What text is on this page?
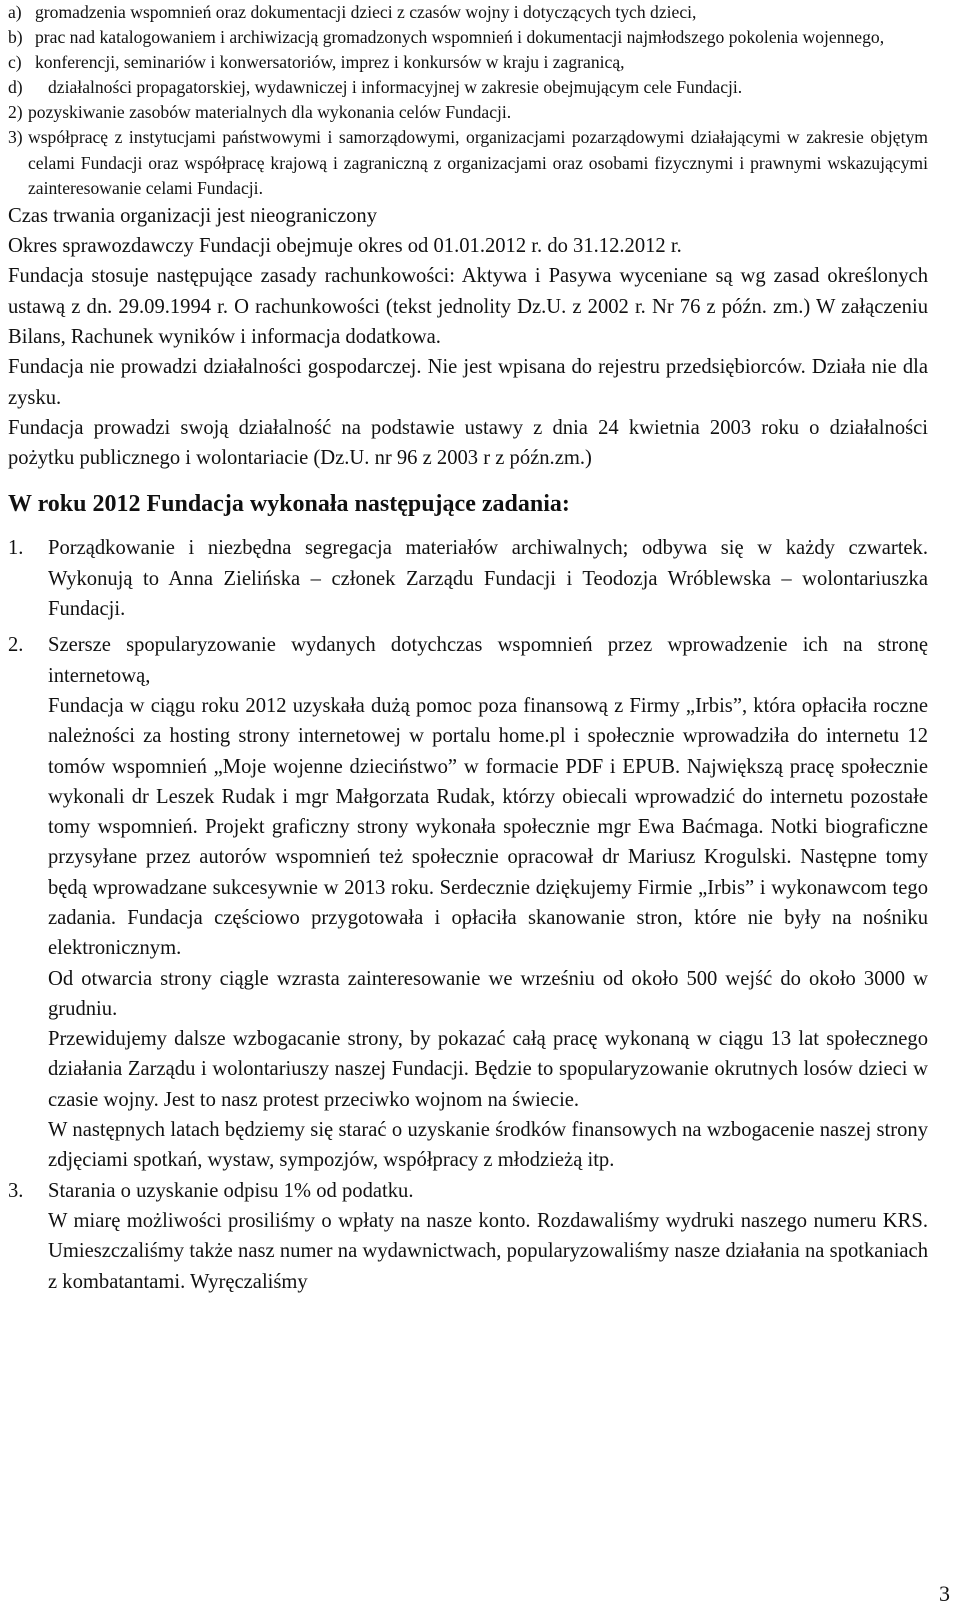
a) gromadzenia wspomnień oraz dokumentacji dzieci z czasów wojny i dotyczących tych dzieci,
b) prac nad katalogowaniem i archiwizacją gromadzonych wspomnień i dokumentacji najmłodszego pokolenia wojennego,
c) konferencji, seminariów i konwersatoriów, imprez i konkursów w kraju i zagranicą,
d)	działalności propagatorskiej, wydawniczej i informacyjnej w zakresie obejmującym cele Fundacji.
2) pozyskiwanie zasobów materialnych dla wykonania celów Fundacji.
3) współpracę z instytucjami państwowymi i samorządowymi, organizacjami pozarządowymi działającymi w zakresie objętym celami Fundacji oraz współpracę krajową i zagraniczną z organizacjami oraz osobami fizycznymi i prawnymi wskazującymi zainteresowanie celami Fundacji.
Czas trwania organizacji jest nieograniczony
Okres sprawozdawczy Fundacji obejmuje okres od 01.01.2012 r. do 31.12.2012 r.
Fundacja stosuje następujące zasady rachunkowości: Aktywa i Pasywa wyceniane są wg zasad określonych ustawą z dn. 29.09.1994 r. O rachunkowości (tekst jednolity Dz.U. z 2002 r. Nr 76 z późn. zm.) W załączeniu Bilans, Rachunek wyników i informacja dodatkowa.
Fundacja nie prowadzi działalności gospodarczej. Nie jest wpisana do rejestru przedsiębiorców. Działa nie dla zysku.
Fundacja prowadzi swoją działalność na podstawie ustawy z dnia 24 kwietnia 2003 roku o działalności pożytku publicznego i wolontariacie (Dz.U. nr 96 z 2003 r z późn.zm.)
W roku 2012 Fundacja wykonała następujące zadania:
1.	Porządkowanie i niezbędna segregacja materiałów archiwalnych; odbywa się w każdy czwartek. Wykonują to Anna Zielińska – członek Zarządu Fundacji i Teodozja Wróblewska – wolontariuszka Fundacji.
2.	Szersze spopularyzowanie wydanych dotychczas wspomnień przez wprowadzenie ich na stronę internetową,
Fundacja w ciągu roku 2012 uzyskała dużą pomoc poza finansową z Firmy „Irbis”, która opłaciła roczne należności za hosting strony internetowej w portalu home.pl i społecznie wprowadziła do internetu 12 tomów wspomnień „Moje wojenne dzieciństwo” w formacie PDF i EPUB. Największą pracę społecznie wykonali dr Leszek Rudak i mgr Małgorzata Rudak, którzy obiecali wprowadzić do internetu pozostałe tomy wspomnień. Projekt graficzny strony wykonała społecznie mgr Ewa Baćmaga. Notki biograficzne przysyłane przez autorów wspomnień też społecznie opracował dr Mariusz Krogulski. Następne tomy będą wprowadzane sukcesywnie w 2013 roku. Serdecznie dziękujemy Firmie „Irbis” i wykonawcom tego zadania. Fundacja częściowo przygotowała i opłaciła skanowanie stron, które nie były na nośniku elektronicznym.
Od otwarcia strony ciągle wzrasta zainteresowanie we wrześniu od około 500 wejść do około 3000 w grudniu.
Przewidujemy dalsze wzbogacanie strony, by pokazać całą pracę wykonaną w ciągu 13 lat społecznego działania Zarządu i wolontariuszy naszej Fundacji. Będzie to spopularyzowanie okrutnych losów dzieci w czasie wojny. Jest to nasz protest przeciwko wojnom na świecie.
W następnych latach będziemy się starać o uzyskanie środków finansowych na wzbogacenie naszej strony zdjęciami spotkań, wystaw, sympozjów, współpracy z młodzieżą itp.
3.	Starania o uzyskanie odpisu 1% od podatku.
W miarę możliwości prosiliśmy o wpłaty na nasze konto. Rozdawaliśmy wydruki naszego numeru KRS. Umieszczaliśmy także nasz numer na wydawnictwach, popularyzowaliśmy nasze działania na spotkaniach z kombatantami. Wyręczaliśmy
3
